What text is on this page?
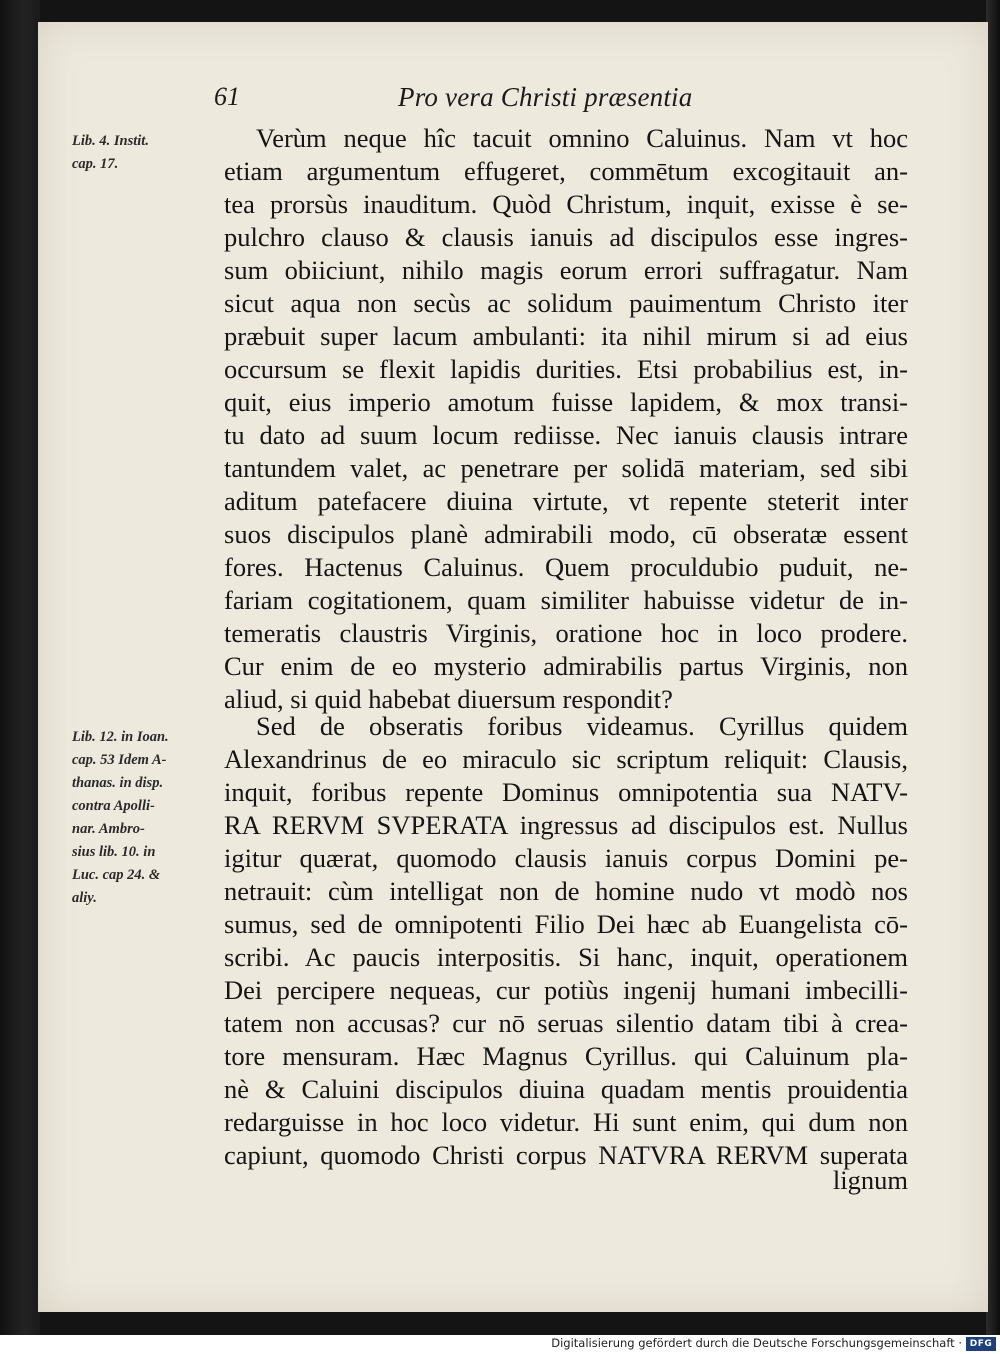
61	Pro vera Christi præsentia
Lib. 4. Instit.
cap. 17.
Lib. 12. in Ioan.
cap. 53 Idem A-
thanas. in disp.
contra Apolli-
nar. Ambro-
sius lib. 10. in
Luc. cap 24. &
aliy.
Verùm neque hîc tacuit omnino Caluinus. Nam vt hoc
etiam argumentum effugeret, commētum excogitauit an-
tea prorsùs inauditum. Quòd Christum, inquit, exisse è se-
pulchro clauso & clausis ianuis ad discipulos esse ingres-
sum obiiciunt, nihilo magis eorum errori suffragatur. Nam
sicut aqua non secùs ac solidum pauimentum Christo iter
præbuit super lacum ambulanti: ita nihil mirum si ad eius
occursum se flexit lapidis durities. Etsi probabilius est, in-
quit, eius imperio amotum fuisse lapidem, & mox transi-
tu dato ad suum locum rediisse. Nec ianuis clausis intrare
tantundem valet, ac penetrare per solidā materiam, sed sibi
aditum patefacere diuina virtute, vt repente steterit inter
suos discipulos planè admirabili modo, cū obseratæ essent
fores. Hactenus Caluinus. Quem proculdubio puduit, ne-
fariam cogitationem, quam similiter habuisse videtur de in-
temeratis claustris Virginis, oratione hoc in loco prodere.
Cur enim de eo mysterio admirabilis partus Virginis, non
aliud, si quid habebat diuersum respondit?
Sed de obseratis foribus videamus. Cyrillus quidem
Alexandrinus de eo miraculo sic scriptum reliquit: Clausis,
inquit, foribus repente Dominus omnipotentia sua NATV-
RA RERVM SVPERATA ingressus ad discipulos est. Nullus
igitur quærat, quomodo clausis ianuis corpus Domini pe-
netrauit: cùm intelligat non de homine nudo vt modò nos
sumus, sed de omnipotenti Filio Dei hæc ab Euangelista cō-
scribi. Ac paucis interpositis. Si hanc, inquit, operationem
Dei percipere nequeas, cur potiùs ingenij humani imbecilli-
tatem non accusas? cur nō seruas silentio datam tibi à crea-
tore mensuram. Hæc Magnus Cyrillus. qui Caluinum pla-
nè & Caluini discipulos diuina quadam mentis prouidentia
redarguisse in hoc loco videtur. Hi sunt enim, qui dum non
capiunt, quomodo Christi corpus NATVRA RERVM superata
lignum
Digitalisierung gefördert durch die Deutsche Forschungsgemeinschaft · DFG
